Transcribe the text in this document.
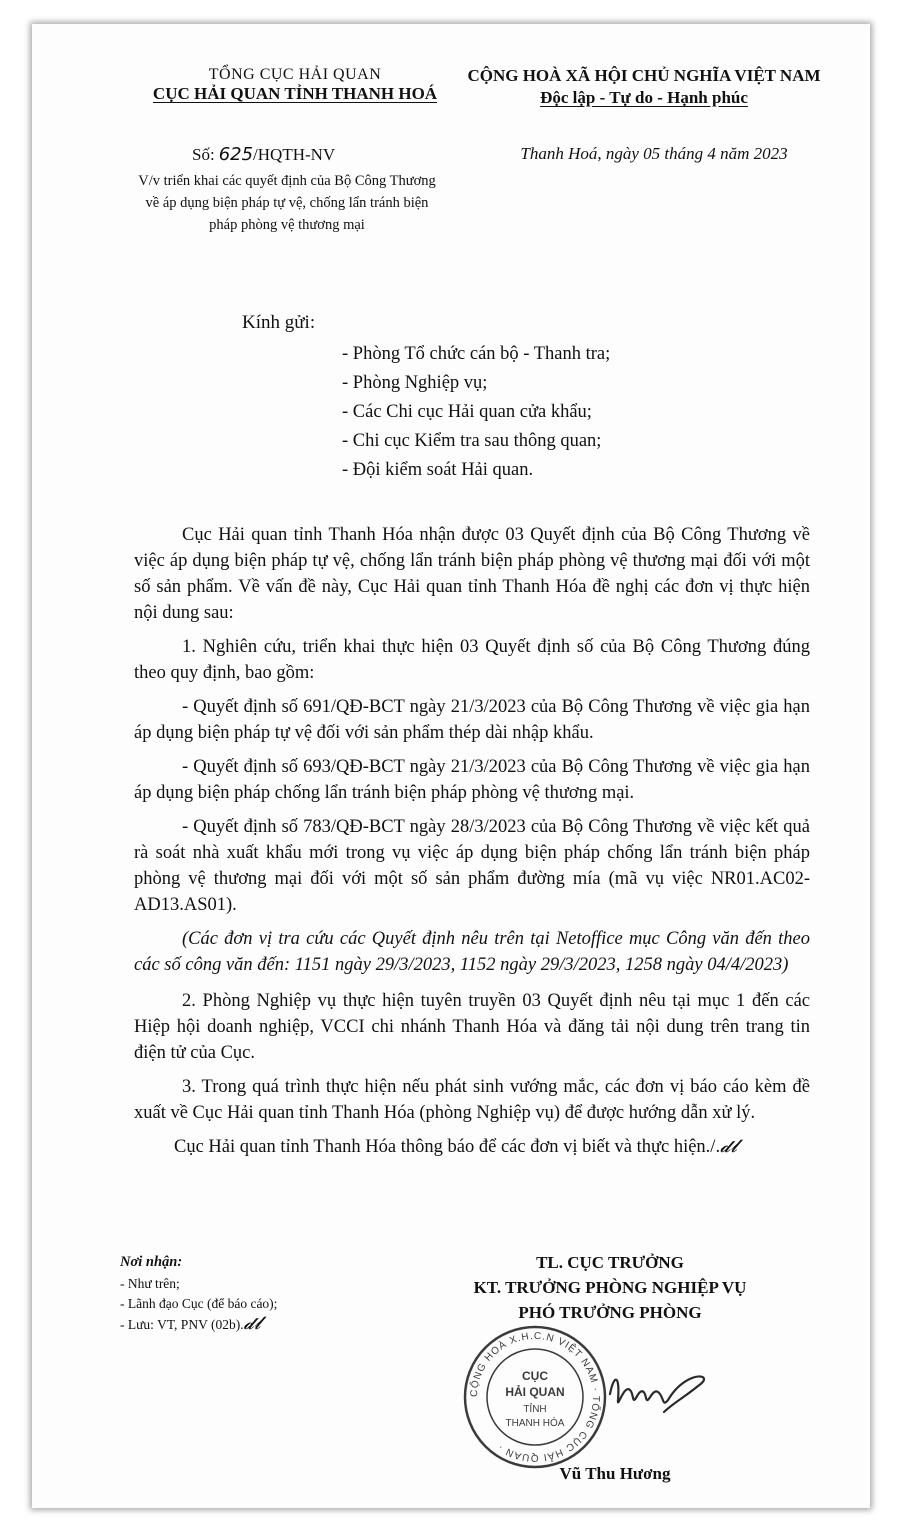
TỔNG CỤC HẢI QUAN
CỤC HẢI QUAN TỈNH THANH HOÁ
CỘNG HOÀ XÃ HỘI CHỦ NGHĨA VIỆT NAM
Độc lập - Tự do - Hạnh phúc
Số: 625/HQTH-NV	Thanh Hoá, ngày 05 tháng 4 năm 2023
V/v triển khai các quyết định của Bộ Công Thương về áp dụng biện pháp tự vệ, chống lẩn tránh biện pháp phòng vệ thương mại
Kính gửi:
- Phòng Tổ chức cán bộ - Thanh tra;
- Phòng Nghiệp vụ;
- Các Chi cục Hải quan cửa khẩu;
- Chi cục Kiểm tra sau thông quan;
- Đội kiểm soát Hải quan.

Cục Hải quan tỉnh Thanh Hóa nhận được 03 Quyết định của Bộ Công Thương về việc áp dụng biện pháp tự vệ, chống lẩn tránh biện pháp phòng vệ thương mại đối với một số sản phẩm. Về vấn đề này, Cục Hải quan tỉnh Thanh Hóa đề nghị các đơn vị thực hiện nội dung sau:

1. Nghiên cứu, triển khai thực hiện 03 Quyết định số của Bộ Công Thương đúng theo quy định, bao gồm:

- Quyết định số 691/QĐ-BCT ngày 21/3/2023 của Bộ Công Thương về việc gia hạn áp dụng biện pháp tự vệ đối với sản phẩm thép dài nhập khẩu.

- Quyết định số 693/QĐ-BCT ngày 21/3/2023 của Bộ Công Thương về việc gia hạn áp dụng biện pháp chống lẩn tránh biện pháp phòng vệ thương mại.

- Quyết định số 783/QĐ-BCT ngày 28/3/2023 của Bộ Công Thương về việc kết quả rà soát nhà xuất khẩu mới trong vụ việc áp dụng biện pháp chống lẩn tránh biện pháp phòng vệ thương mại đối với một số sản phẩm đường mía (mã vụ việc NR01.AC02-AD13.AS01).

(Các đơn vị tra cứu các Quyết định nêu trên tại Netoffice mục Công văn đến theo các số công văn đến: 1151 ngày 29/3/2023, 1152 ngày 29/3/2023, 1258 ngày 04/4/2023)

2. Phòng Nghiệp vụ thực hiện tuyên truyền 03 Quyết định nêu tại mục 1 đến các Hiệp hội doanh nghiệp, VCCI chi nhánh Thanh Hóa và đăng tải nội dung trên trang tin điện tử của Cục.

3. Trong quá trình thực hiện nếu phát sinh vướng mắc, các đơn vị báo cáo kèm đề xuất về Cục Hải quan tỉnh Thanh Hóa (phòng Nghiệp vụ) để được hướng dẫn xử lý.

Cục Hải quan tỉnh Thanh Hóa thông báo để các đơn vị biết và thực hiện./.𝓭𝓵

Nơi nhận:
- Như trên;
- Lãnh đạo Cục (để báo cáo);
- Lưu: VT, PNV (02b).𝓭𝓵
TL. CỤC TRƯỞNG
KT. TRƯỞNG PHÒNG NGHIỆP VỤ
PHÓ TRƯỞNG PHÒNG
CỘNG HOÀ X.H.C.N VIỆT NAM · TỔNG CỤC HẢI QUAN ·
CỤC
HẢI QUAN
TỈNH
THANH HÓA
Vũ Thu Hương
